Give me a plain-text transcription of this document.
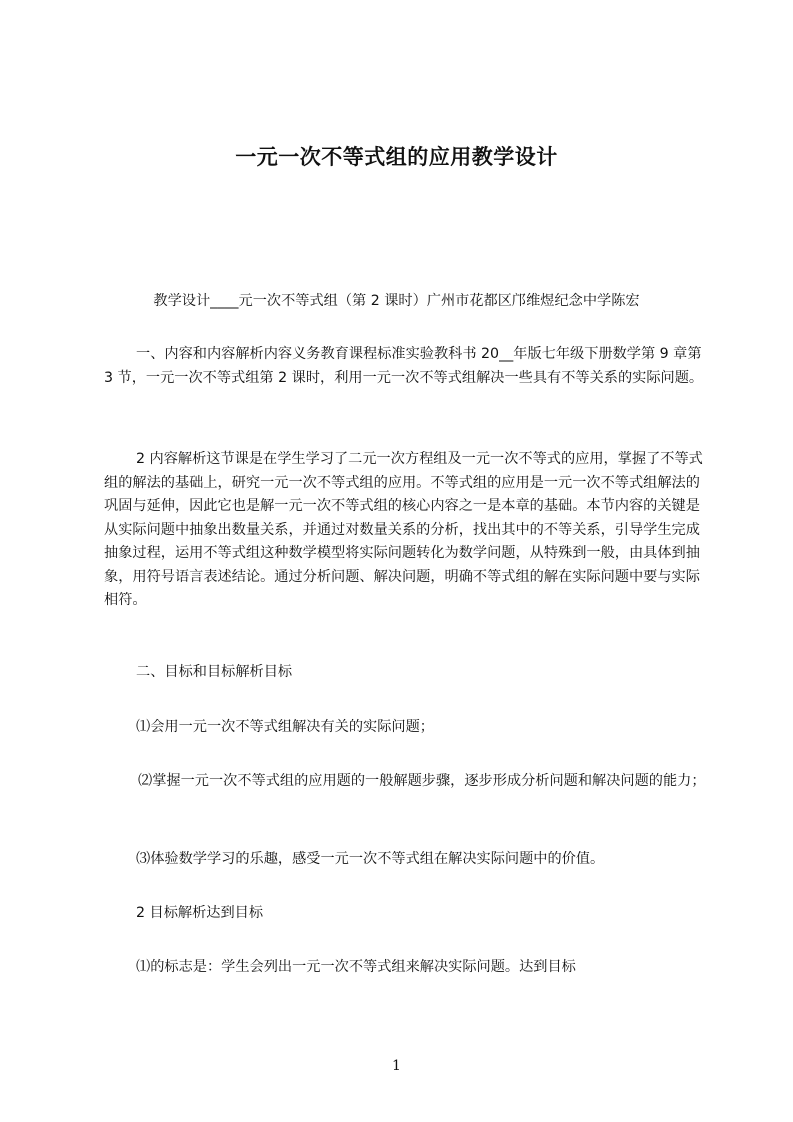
一元一次不等式组的应用教学设计
教学设计____元一次不等式组（第 2 课时）广州市花都区邝维煜纪念中学陈宏

一、内容和内容解析内容义务教育课程标准实验教科书 20__年版七年级下册数学第 9 章第 3 节，一元一次不等式组第 2 课时，利用一元一次不等式组解决一些具有不等关系的实际问题。

2 内容解析这节课是在学生学习了二元一次方程组及一元一次不等式的应用，掌握了不等式组的解法的基础上，研究一元一次不等式组的应用。不等式组的应用是一元一次不等式组解法的巩固与延伸，因此它也是解一元一次不等式组的核心内容之一是本章的基础。本节内容的关键是从实际问题中抽象出数量关系，并通过对数量关系的分析，找出其中的不等关系，引导学生完成抽象过程，运用不等式组这种数学模型将实际问题转化为数学问题，从特殊到一般，由具体到抽象，用符号语言表述结论。通过分析问题、解决问题，明确不等式组的解在实际问题中要与实际相符。

二、目标和目标解析目标

⑴会用一元一次不等式组解决有关的实际问题；

⑵掌握一元一次不等式组的应用题的一般解题步骤，逐步形成分析问题和解决问题的能力；

⑶体验数学学习的乐趣，感受一元一次不等式组在解决实际问题中的价值。

2 目标解析达到目标

⑴的标志是：学生会列出一元一次不等式组来解决实际问题。达到目标

1
